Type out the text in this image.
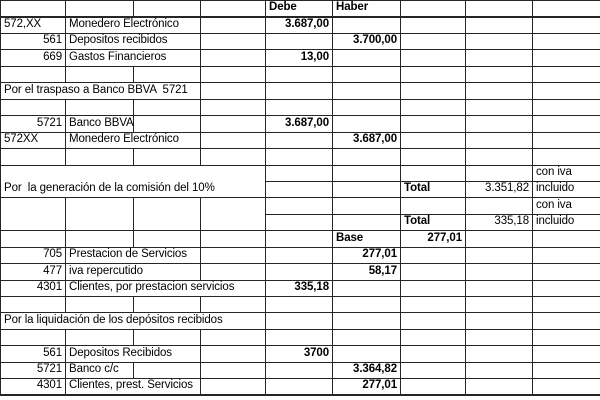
				Debe	Haber			
572,XX	Monedero Electrónico			3.687,00				
561	Depositos recibidos				3.700,00			
669	Gastos Financieros			13,00				

Por el traspaso a Banco BBVA  5721								

5721	Banco BBVA			3.687,00				
572XX	Monedero Electrónico				3.687,00			

Por  la generación de la comisión del 10%								con iva
						Total	3.351,82	incluido
								con iva
						Total	335,18	incluido
					Base	277,01		
705	Prestacion de Servicios				277,01			
477	iva repercutido				58,17			
4301	Clientes, por prestacion servicios			335,18				

Por la liquidación de los depósitos recibidos								

561	Depositos Recibidos			3700				
5721	Banco c/c				3.364,82			
4301	Clientes, prest. Servicios				277,01			
